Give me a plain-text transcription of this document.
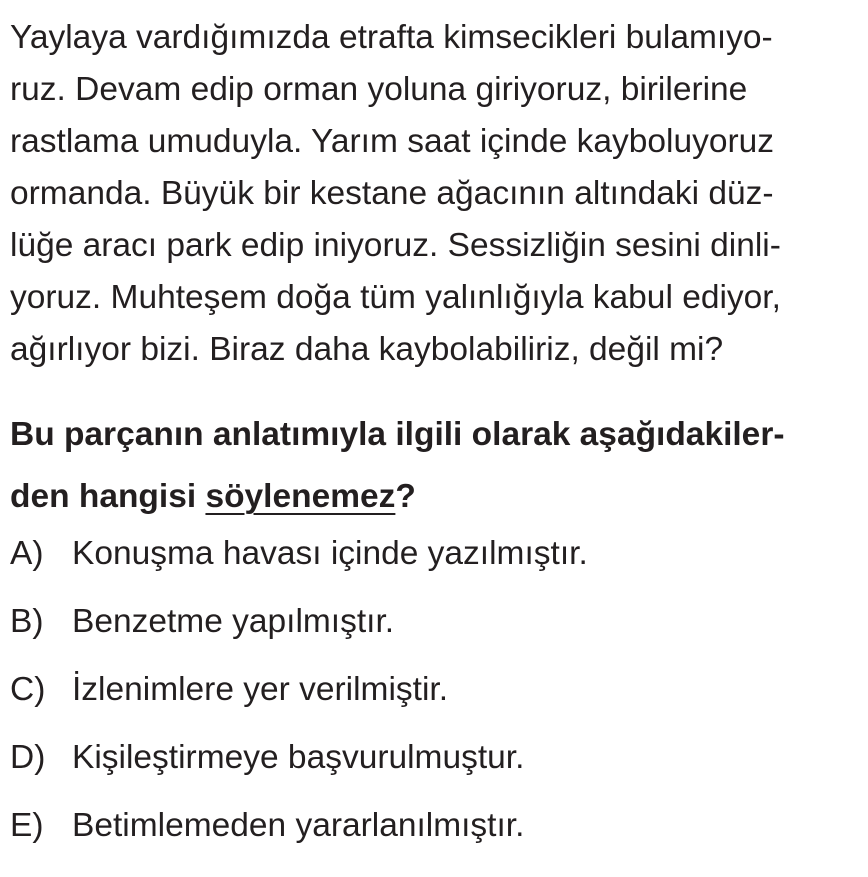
Yaylaya vardığımızda etrafta kimsecikleri bulamıyo-
ruz. Devam edip orman yoluna giriyoruz, birilerine
rastlama umuduyla. Yarım saat içinde kayboluyoruz
ormanda. Büyük bir kestane ağacının altındaki düz-
lüğe aracı park edip iniyoruz. Sessizliğin sesini dinli-
yoruz. Muhteşem doğa tüm yalınlığıyla kabul ediyor,
ağırlıyor bizi. Biraz daha kaybolabiliriz, değil mi?
Bu parçanın anlatımıyla ilgili olarak aşağıdakiler-
den hangisi söylenemez?
A) Konuşma havası içinde yazılmıştır.
B) Benzetme yapılmıştır.
C) İzlenimlere yer verilmiştir.
D) Kişileştirmeye başvurulmuştur.
E) Betimlemeden yararlanılmıştır.
